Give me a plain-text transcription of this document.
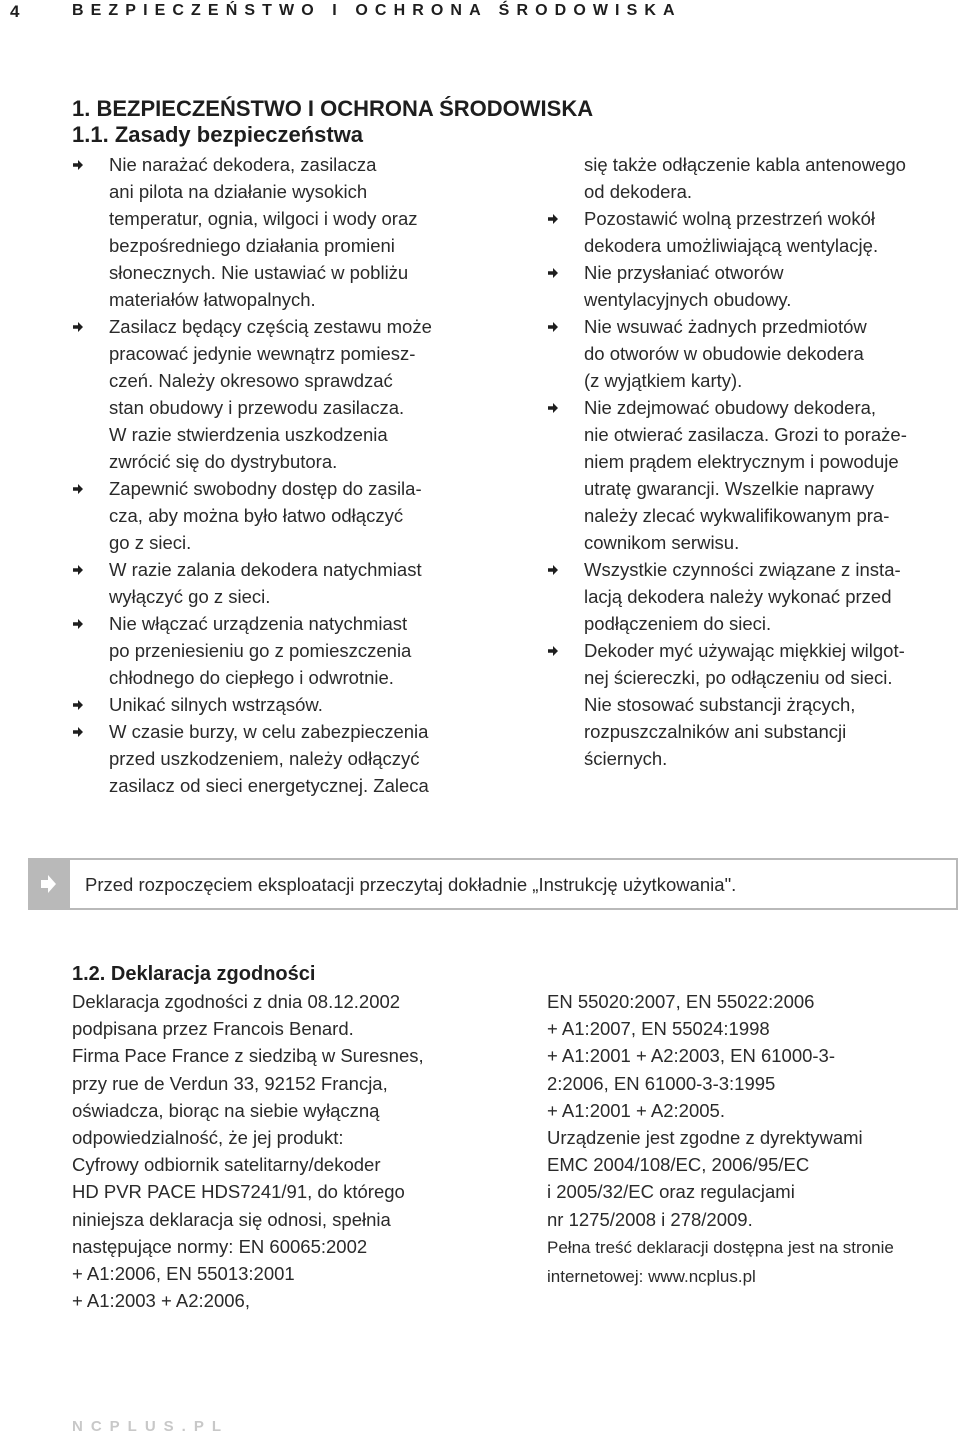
4	BEZPIECZEŃSTWO I OCHRONA ŚRODOWISKA
1. BEZPIECZEŃSTWO I OCHRONA ŚRODOWISKA
1.1. Zasady bezpieczeństwa
Nie narażać dekodera, zasilacza
ani pilota na działanie wysokich
temperatur, ognia, wilgoci i wody oraz
bezpośredniego działania promieni
słonecznych. Nie ustawiać w pobliżu
materiałów łatwopalnych.
Zasilacz będący częścią zestawu może
pracować jedynie wewnątrz pomiesz-
czeń. Należy okresowo sprawdzać
stan obudowy i przewodu zasilacza.
W razie stwierdzenia uszkodzenia
zwrócić się do dystrybutora.
Zapewnić swobodny dostęp do zasila-
cza, aby można było łatwo odłączyć
go z sieci.
W razie zalania dekodera natychmiast
wyłączyć go z sieci.
Nie włączać urządzenia natychmiast
po przeniesieniu go z pomieszczenia
chłodnego do ciepłego i odwrotnie.
Unikać silnych wstrząsów.
W czasie burzy, w celu zabezpieczenia
przed uszkodzeniem, należy odłączyć
zasilacz od sieci energetycznej. Zaleca
się także odłączenie kabla antenowego
od dekodera.
Pozostawić wolną przestrzeń wokół
dekodera umożliwiającą wentylację.
Nie przysłaniać otworów
wentylacyjnych obudowy.
Nie wsuwać żadnych przedmiotów
do otworów w obudowie dekodera
(z wyjątkiem karty).
Nie zdejmować obudowy dekodera,
nie otwierać zasilacza. Grozi to porażе-
niem prądem elektrycznym i powoduje
utratę gwarancji. Wszelkie naprawy
należy zlecać wykwalifikowanym pra-
cownikom serwisu.
Wszystkie czynności związane z insta-
lacją dekodera należy wykonać przed
podłączeniem do sieci.
Dekoder myć używając miękkiej wilgot-
nej ściereczki, po odłączeniu od sieci.
Nie stosować substancji żrących,
rozpuszczalników ani substancji
ściernych.
Przed rozpoczęciem eksploatacji przeczytaj dokładnie „Instrukcję użytkowania".
1.2. Deklaracja zgodności
Deklaracja zgodności z dnia 08.12.2002
podpisana przez Francois Benard.
Firma Pace France z siedzibą w Suresnes,
przy rue de Verdun 33, 92152 Francja,
oświadcza, biorąc na siebie wyłączną
odpowiedzialność, że jej produkt:
Cyfrowy odbiornik satelitarny/dekoder
HD PVR PACE HDS7241/91, do którego
niniejsza deklaracja się odnosi, spełnia
następujące normy: EN 60065:2002
+ A1:2006, EN 55013:2001
+ A1:2003 + A2:2006,
EN 55020:2007, EN 55022:2006
+ A1:2007, EN 55024:1998
+ A1:2001 + A2:2003, EN 61000-3-
2:2006, EN 61000-3-3:1995
+ A1:2001 + A2:2005.
Urządzenie jest zgodne z dyrektywami
EMC 2004/108/EC, 2006/95/EC
i 2005/32/EC oraz regulacjami
nr 1275/2008 i 278/2009.
Pełna treść deklaracji dostępna jest na stronie
internetowej: www.ncplus.pl
NCPLUS.PL
